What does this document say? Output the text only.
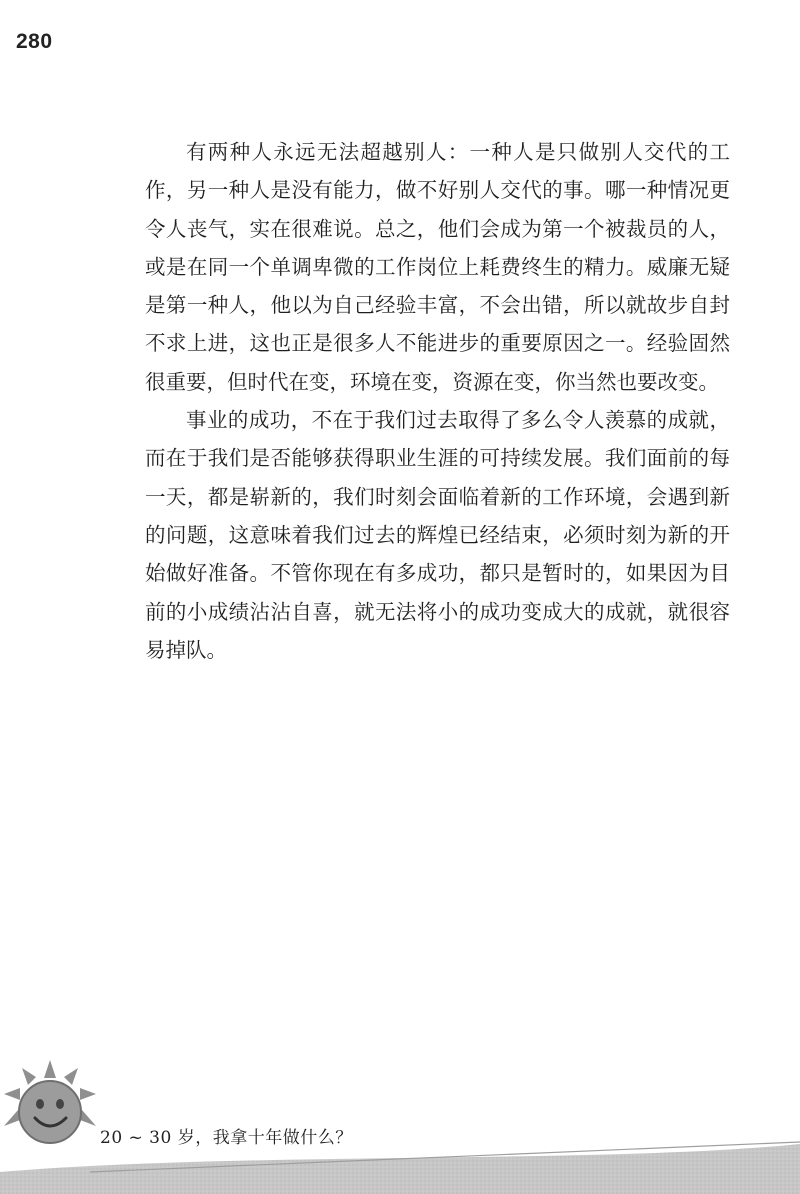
280

有两种人永远无法超越别人：一种人是只做别人交代的工作，另一种人是没有能力，做不好别人交代的事。哪一种情况更令人丧气，实在很难说。总之，他们会成为第一个被裁员的人，或是在同一个单调卑微的工作岗位上耗费终生的精力。威廉无疑是第一种人，他以为自己经验丰富，不会出错，所以就故步自封不求上进，这也正是很多人不能进步的重要原因之一。经验固然很重要，但时代在变，环境在变，资源在变，你当然也要改变。

事业的成功，不在于我们过去取得了多么令人羡慕的成就，而在于我们是否能够获得职业生涯的可持续发展。我们面前的每一天，都是崭新的，我们时刻会面临着新的工作环境，会遇到新的问题，这意味着我们过去的辉煌已经结束，必须时刻为新的开始做好准备。不管你现在有多成功，都只是暂时的，如果因为目前的小成绩沾沾自喜，就无法将小的成功变成大的成就，就很容易掉队。

20 ~ 30 岁，我拿十年做什么？
